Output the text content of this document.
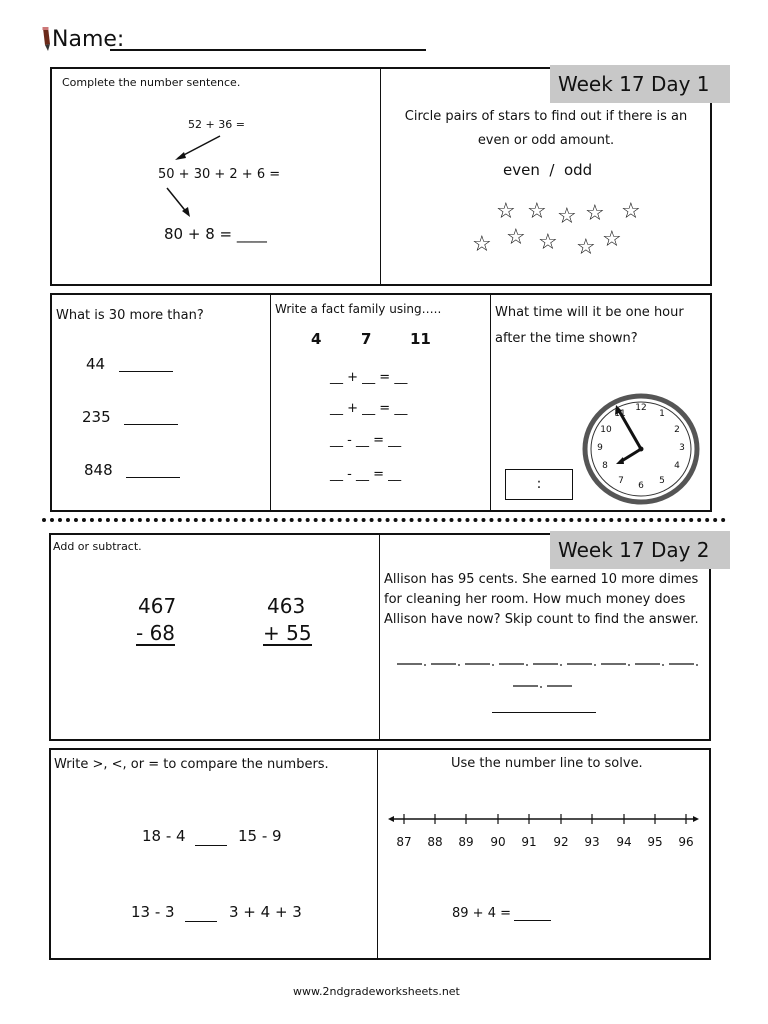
Name:
Week 17 Day 1
Complete the number sentence.
52 + 36 =
50 + 30 + 2 + 6 =
80 + 8 = ____
Circle pairs of stars to find out if there is an even or odd amount.
even  /  odd
☆ ☆ ☆ ☆ ☆
☆ ☆ ☆ ☆ ☆
What is 30 more than?
44
235
848
Write a fact family using…..
4	7	11
__ + __ = __
__ + __ = __
__ - __ = __
__ - __ = __
What time will it be one hour after the time shown?
12
1
2
3
4
5
6
7
8
9
10
11
:
Week 17 Day 2
Add or subtract.
467
- 68
463
+ 55
Allison has 95 cents. She earned 10 more dimes for cleaning her room. How much money does Allison have now? Skip count to find the answer.
Write >, <, or = to compare the numbers.
18 - 4	15 - 9
13 - 3	3 + 4 + 3
Use the number line to solve.
87 88 89 90 91 92 93 94 95 96
89 + 4 =
www.2ndgradeworksheets.net
